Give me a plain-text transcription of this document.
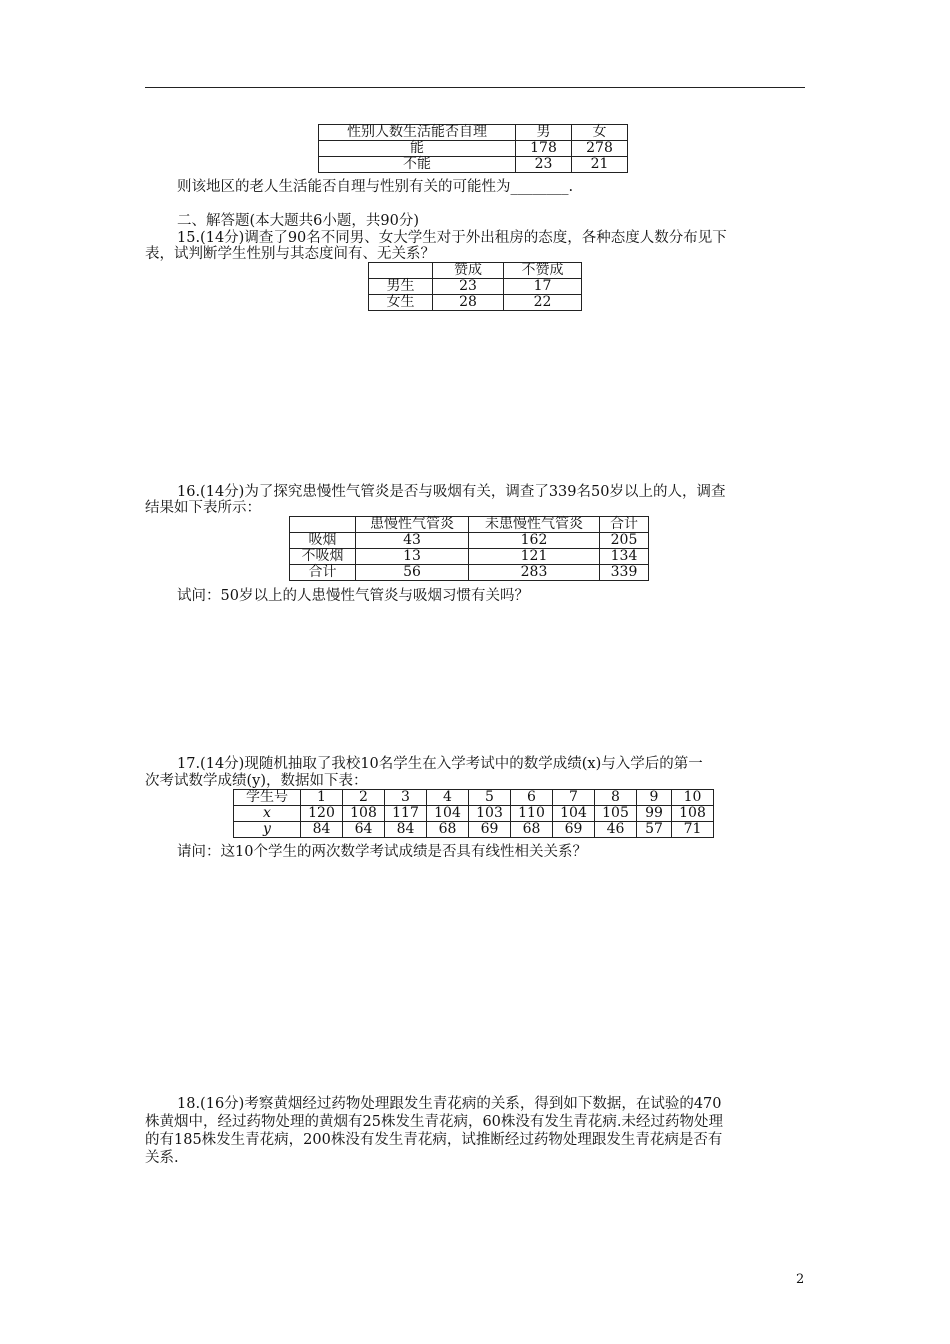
性别人数生活能否自理	男	女
能	178	278
不能	23	21
则该地区的老人生活能否自理与性别有关的可能性为________.
二、解答题(本大题共6小题，共90分)
15.(14分)调查了90名不同男、女大学生对于外出租房的态度，各种态度人数分布见下
表，试判断学生性别与其态度间有、无关系？
	赞成	不赞成
男生	23	17
女生	28	22
16.(14分)为了探究患慢性气管炎是否与吸烟有关，调查了339名50岁以上的人，调查
结果如下表所示：
	患慢性气管炎	未患慢性气管炎	合计
吸烟	43	162	205
不吸烟	13	121	134
合计	56	283	339
试问：50岁以上的人患慢性气管炎与吸烟习惯有关吗？
17.(14分)现随机抽取了我校10名学生在入学考试中的数学成绩(x)与入学后的第一
次考试数学成绩(y)，数据如下表：
学生号	1	2	3	4	5	6	7	8	9	10
x	120	108	117	104	103	110	104	105	99	108
y	84	64	84	68	69	68	69	46	57	71
请问：这10个学生的两次数学考试成绩是否具有线性相关关系？
18.(16分)考察黄烟经过药物处理跟发生青花病的关系，得到如下数据，在试验的470
株黄烟中，经过药物处理的黄烟有25株发生青花病，60株没有发生青花病.未经过药物处理
的有185株发生青花病，200株没有发生青花病，试推断经过药物处理跟发生青花病是否有
关系.
2
